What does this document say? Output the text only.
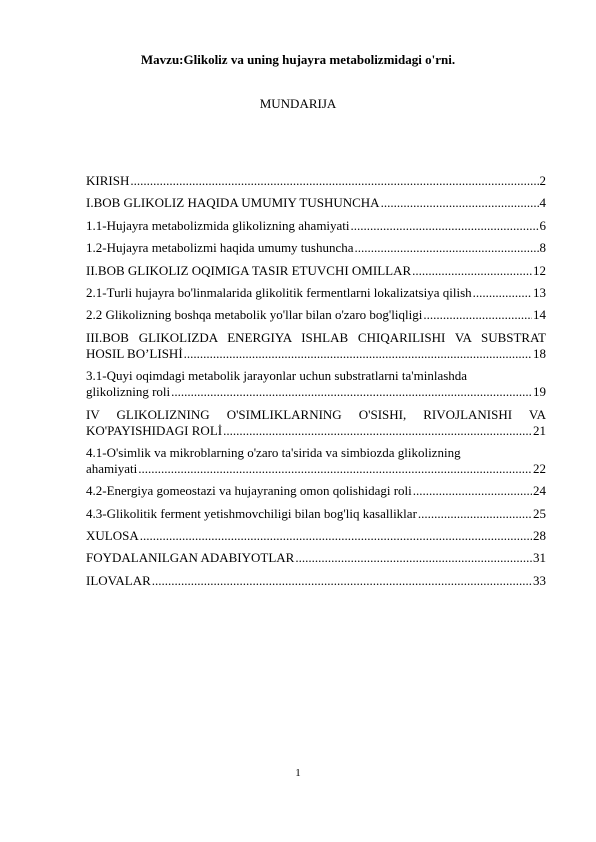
Mavzu:Glikoliz va uning hujayra metabolizmidagi o'rni.
MUNDARIJA
KIRISH .....	2
I.BOB GLIKOLIZ HAQIDA UMUMIY TUSHUNCHA .....	4
1.1-Hujayra metabolizmida glikolizning ahamiyati .....	6
1.2-Hujayra metabolizmi haqida umumy tushuncha .....	8
II.BOB GLIKOLIZ OQIMIGA TASIR ETUVCHI OMILLAR .....	12
2.1-Turli hujayra bo'linmalarida glikolitik fermentlarni lokalizatsiya qilish .....	13
2.2 Glikolizning boshqa metabolik yo'llar bilan o'zaro bog'liqligi .....	14
III.BOB GLIKOLIZDA ENERGIYA ISHLAB CHIQARILISHI VA SUBSTRAT
HOSIL BO’LISHİ .....	18
3.1-Quyi oqimdagi metabolik jarayonlar uchun substratlarni ta'minlashda
glikolizning roli .....	19
IV GLIKOLIZNING O'SIMLIKLARNING O'SISHI, RIVOJLANISHI VA
KO'PAYISHIDAGI ROLİ .....	21
4.1-O'simlik va mikroblarning o'zaro ta'sirida va simbiozda glikolizning
ahamiyati .....	22
4.2-Energiya gomeostazi va hujayraning omon qolishidagi roli .....	24
4.3-Glikolitik ferment yetishmovchiligi bilan bog'liq kasalliklar .....	25
XULOSA .....	28
FOYDALANILGAN ADABIYOTLAR .....	31
ILOVALAR .....	33
1
